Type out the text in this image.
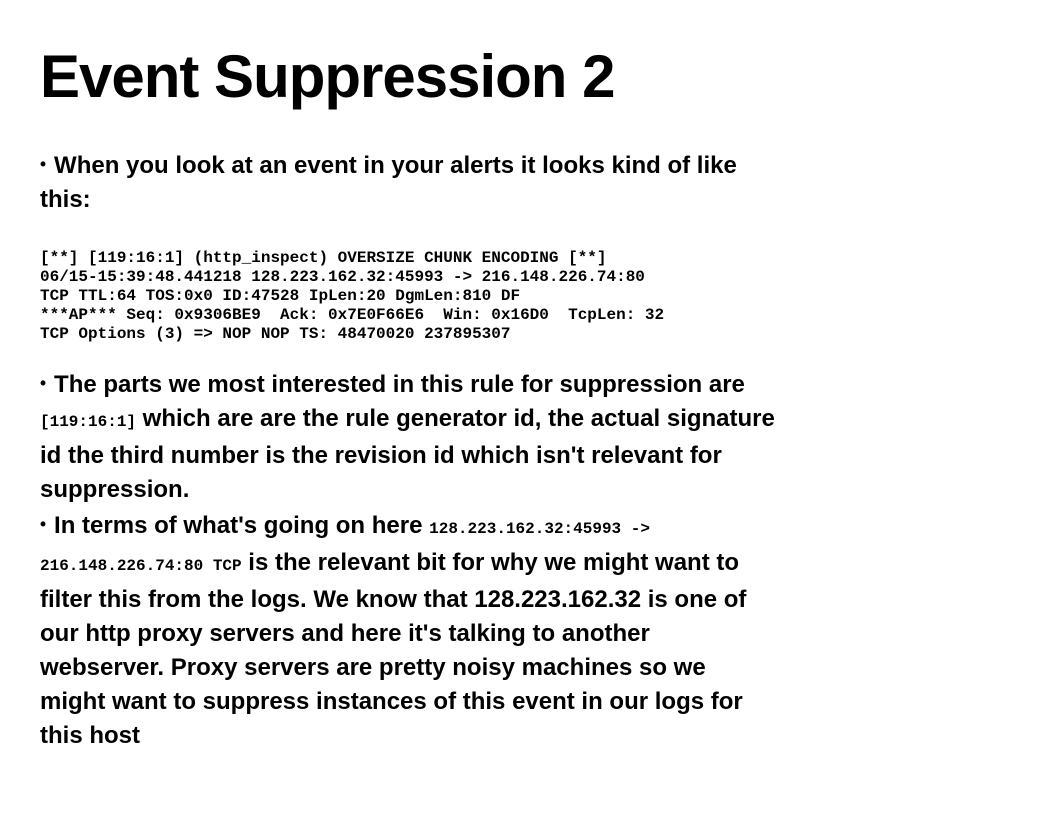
Event Suppression 2

• When you look at an event in your alerts it looks kind of like this:

[**] [119:16:1] (http_inspect) OVERSIZE CHUNK ENCODING [**]
06/15-15:39:48.441218 128.223.162.32:45993 -> 216.148.226.74:80
TCP TTL:64 TOS:0x0 ID:47528 IpLen:20 DgmLen:810 DF
***AP*** Seq: 0x9306BE9  Ack: 0x7E0F66E6  Win: 0x16D0  TcpLen: 32
TCP Options (3) => NOP NOP TS: 48470020 237895307

• The parts we most interested in this rule for suppression are [119:16:1] which are are the rule generator id, the actual signature id the third number is the revision id which isn't relevant for suppression.

• In terms of what's going on here 128.223.162.32:45993 -> 216.148.226.74:80 TCP is the relevant bit for why we might want to filter this from the logs. We know that 128.223.162.32 is one of our http proxy servers and here it's talking to another webserver. Proxy servers are pretty noisy machines so we might want to suppress instances of this event in our logs for this host
